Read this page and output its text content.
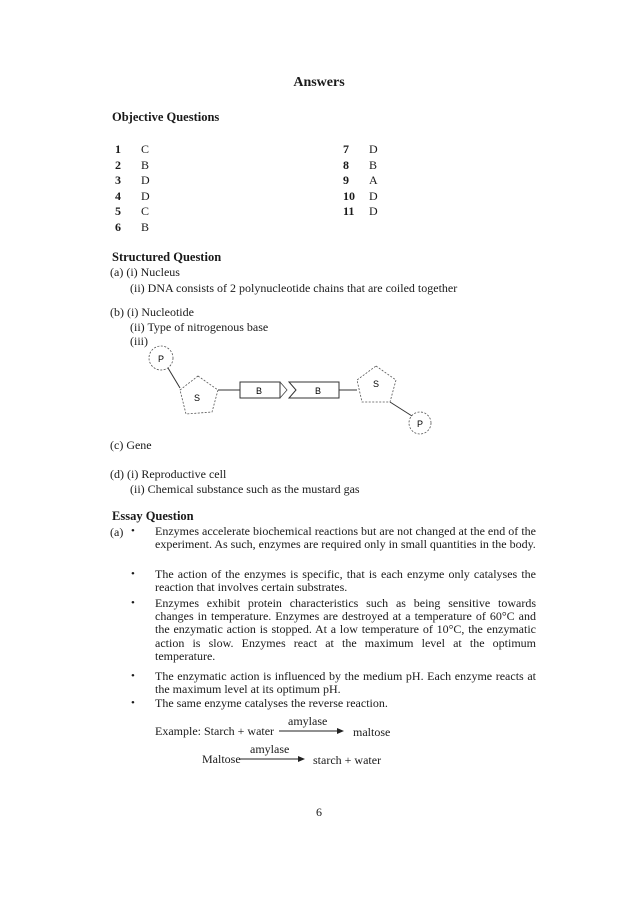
Answers
Objective Questions
1	C
2	B
3	D
4	D
5	C
6	B
7	D
8	B
9	A
10 D
11 D
Structured Question
(a) (i) Nucleus
(ii) DNA consists of 2 polynucleotide chains that are coiled together
(b) (i) Nucleotide
(ii) Type of nitrogenous base
(iii)
P
S
B	B
S
P
(c) Gene
(d) (i) Reproductive cell
(ii) Chemical substance such as the mustard gas
Essay Question
(a) • Enzymes accelerate biochemical reactions but are not changed at the end of the experiment. As such, enzymes are required only in small quantities in the body.
• The action of the enzymes is specific, that is each enzyme only catalyses the reaction that involves certain substrates.
• Enzymes exhibit protein characteristics such as being sensitive towards changes in temperature. Enzymes are destroyed at a temperature of 60°C and the enzymatic action is stopped. At a low temperature of 10°C, the enzymatic action is slow. Enzymes react at the maximum level at the optimum temperature.
• The enzymatic action is influenced by the medium pH. Each enzyme reacts at the maximum level at its optimum pH.
• The same enzyme catalyses the reverse reaction.
Example: Starch + water
amylase
maltose
Maltose
amylase
starch + water
6
